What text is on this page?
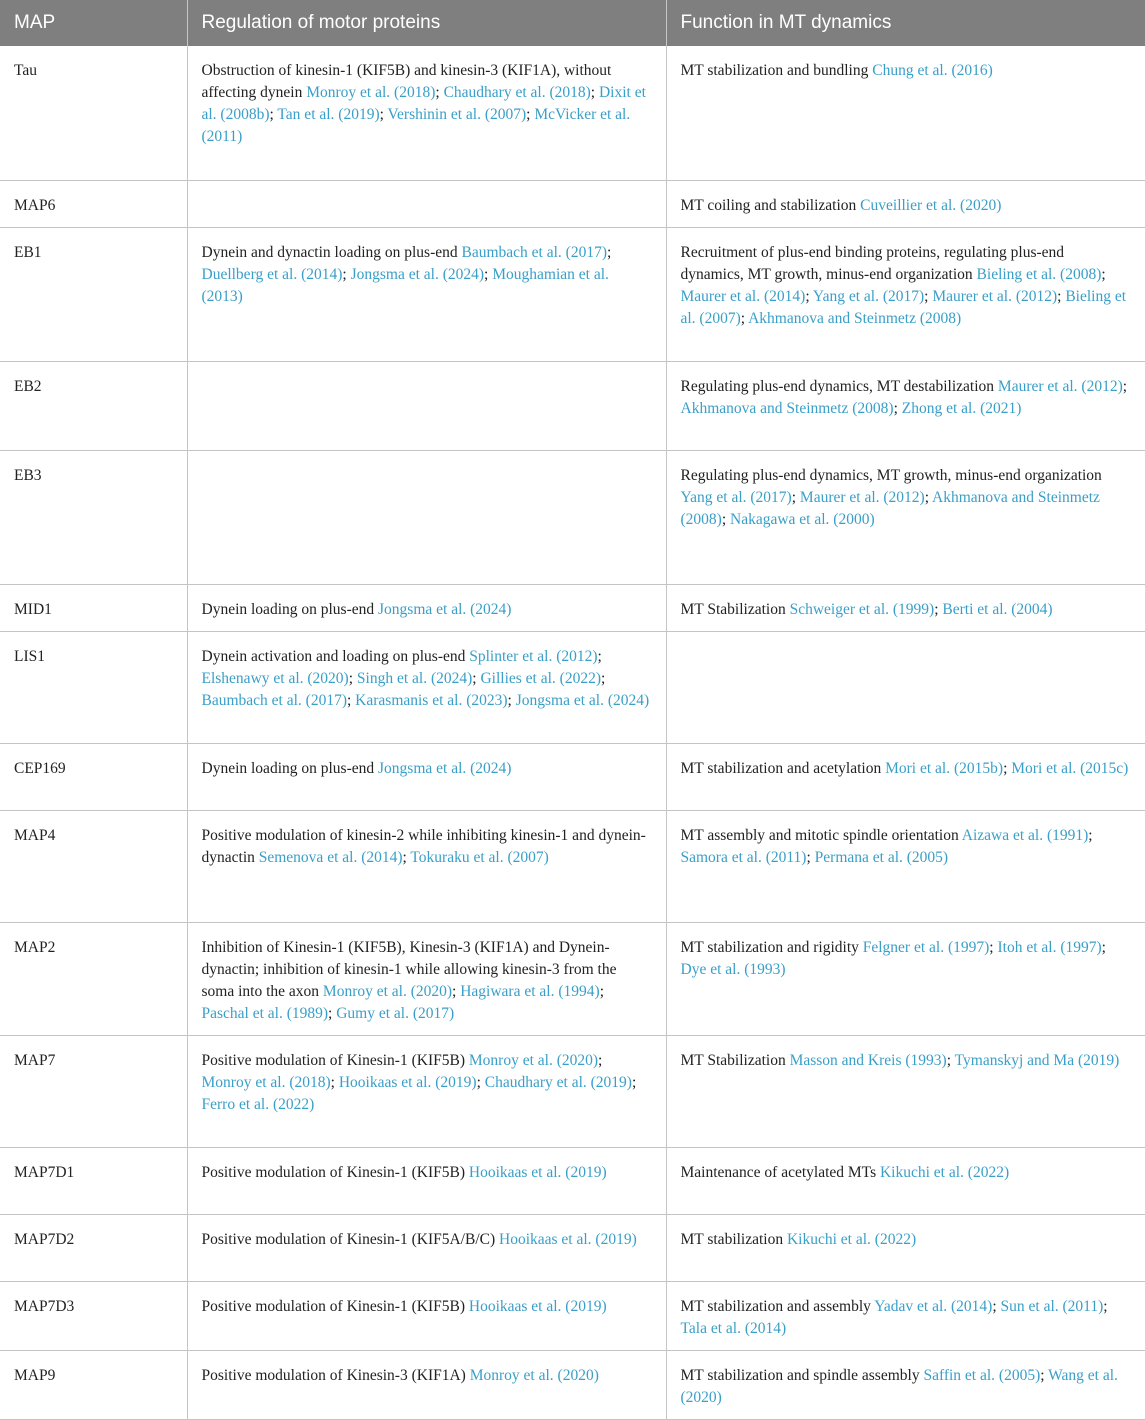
MAP	Regulation of motor proteins	Function in MT dynamics
Tau	Obstruction of kinesin-1 (KIF5B) and kinesin-3 (KIF1A), without affecting dynein Monroy et al. (2018); Chaudhary et al. (2018); Dixit et al. (2008b); Tan et al. (2019); Vershinin et al. (2007); McVicker et al. (2011)	MT stabilization and bundling Chung et al. (2016)
MAP6		MT coiling and stabilization Cuveillier et al. (2020)
EB1	Dynein and dynactin loading on plus-end Baumbach et al. (2017); Duellberg et al. (2014); Jongsma et al. (2024); Moughamian et al. (2013)	Recruitment of plus-end binding proteins, regulating plus-end dynamics, MT growth, minus-end organization Bieling et al. (2008); Maurer et al. (2014); Yang et al. (2017); Maurer et al. (2012); Bieling et al. (2007); Akhmanova and Steinmetz (2008)
EB2		Regulating plus-end dynamics, MT destabilization Maurer et al. (2012); Akhmanova and Steinmetz (2008); Zhong et al. (2021)
EB3		Regulating plus-end dynamics, MT growth, minus-end organization Yang et al. (2017); Maurer et al. (2012); Akhmanova and Steinmetz (2008); Nakagawa et al. (2000)
MID1	Dynein loading on plus-end Jongsma et al. (2024)	MT Stabilization Schweiger et al. (1999); Berti et al. (2004)
LIS1	Dynein activation and loading on plus-end Splinter et al. (2012); Elshenawy et al. (2020); Singh et al. (2024); Gillies et al. (2022); Baumbach et al. (2017); Karasmanis et al. (2023); Jongsma et al. (2024)	
CEP169	Dynein loading on plus-end Jongsma et al. (2024)	MT stabilization and acetylation Mori et al. (2015b); Mori et al. (2015c)
MAP4	Positive modulation of kinesin-2 while inhibiting kinesin-1 and dynein-dynactin Semenova et al. (2014); Tokuraku et al. (2007)	MT assembly and mitotic spindle orientation Aizawa et al. (1991); Samora et al. (2011); Permana et al. (2005)
MAP2	Inhibition of Kinesin-1 (KIF5B), Kinesin-3 (KIF1A) and Dynein-dynactin; inhibition of kinesin-1 while allowing kinesin-3 from the soma into the axon Monroy et al. (2020); Hagiwara et al. (1994); Paschal et al. (1989); Gumy et al. (2017)	MT stabilization and rigidity Felgner et al. (1997); Itoh et al. (1997); Dye et al. (1993)
MAP7	Positive modulation of Kinesin-1 (KIF5B) Monroy et al. (2020); Monroy et al. (2018); Hooikaas et al. (2019); Chaudhary et al. (2019); Ferro et al. (2022)	MT Stabilization Masson and Kreis (1993); Tymanskyj and Ma (2019)
MAP7D1	Positive modulation of Kinesin-1 (KIF5B) Hooikaas et al. (2019)	Maintenance of acetylated MTs Kikuchi et al. (2022)
MAP7D2	Positive modulation of Kinesin-1 (KIF5A/B/C) Hooikaas et al. (2019)	MT stabilization Kikuchi et al. (2022)
MAP7D3	Positive modulation of Kinesin-1 (KIF5B) Hooikaas et al. (2019)	MT stabilization and assembly Yadav et al. (2014); Sun et al. (2011); Tala et al. (2014)
MAP9	Positive modulation of Kinesin-3 (KIF1A) Monroy et al. (2020)	MT stabilization and spindle assembly Saffin et al. (2005); Wang et al. (2020)
